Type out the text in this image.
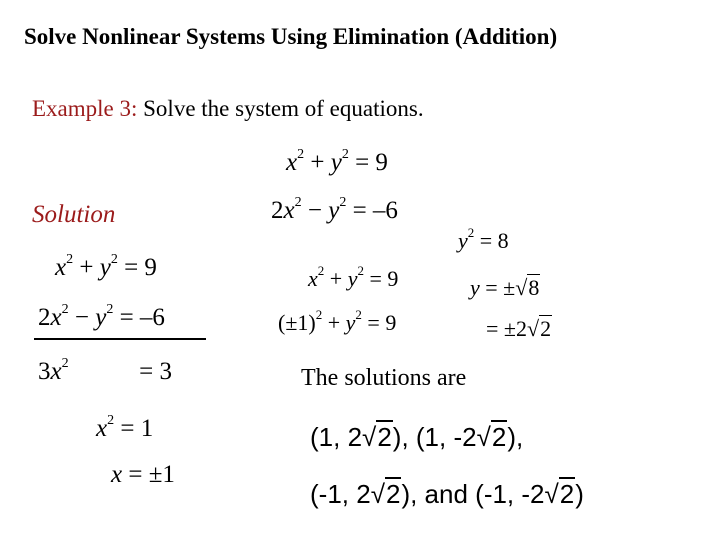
Solve Nonlinear Systems Using Elimination (Addition)
Example 3: Solve the system of equations.
$x^2 + y^2 = 9$
$2x^2 - y^2 = -6$
Solution
$x^2 + y^2 = 9$
$2x^2 - y^2 = -6$
$3x^2$	= 3
$x^2 = 1$
x = ±1
$x^2 + y^2 = 9$
$(\pm 1)^2 + y^2 = 9$
$y^2 = 8$
y = ±√8
= ±2√2
The solutions are
(1, 2√2), (1, -2√2),
(-1, 2√2), and (-1, -2√2)
